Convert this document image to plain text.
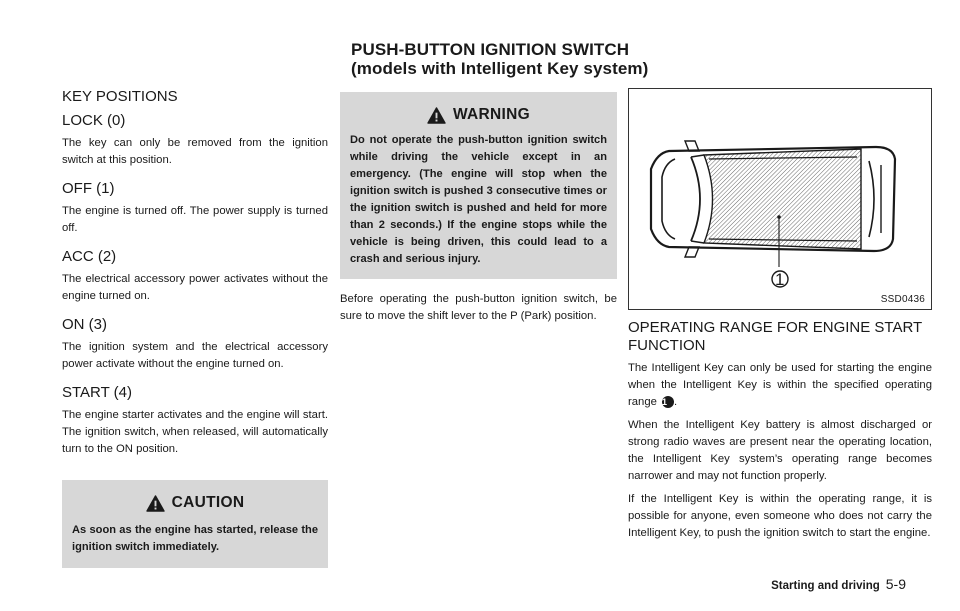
PUSH-BUTTON IGNITION SWITCH
(models with Intelligent Key system)
KEY POSITIONS
LOCK (0)

The key can only be removed from the ignition switch at this position.

OFF (1)

The engine is turned off. The power supply is turned off.

ACC (2)

The electrical accessory power activates without the engine turned on.

ON (3)

The ignition system and the electrical accessory power activate without the engine turned on.

START (4)

The engine starter activates and the engine will start. The ignition switch, when released, will automatically turn to the ON position.

CAUTION
As soon as the engine has started, release the ignition switch immediately.
WARNING
Do not operate the push-button ignition switch while driving the vehicle except in an emergency. (The engine will stop when the ignition switch is pushed 3 consecutive times or the ignition switch is pushed and held for more than 2 seconds.) If the engine stops while the vehicle is being driven, this could lead to a crash and serious injury.

Before operating the push-button ignition switch, be sure to move the shift lever to the P (Park) position.

1
SSD0436
OPERATING RANGE FOR ENGINE START FUNCTION

The Intelligent Key can only be used for starting the engine when the Intelligent Key is within the specified operating range 1 .

When the Intelligent Key battery is almost discharged or strong radio waves are present near the operating location, the Intelligent Key system’s operating range becomes narrower and may not function properly.

If the Intelligent Key is within the operating range, it is possible for anyone, even someone who does not carry the Intelligent Key, to push the ignition switch to start the engine.

Starting and driving 5-9
